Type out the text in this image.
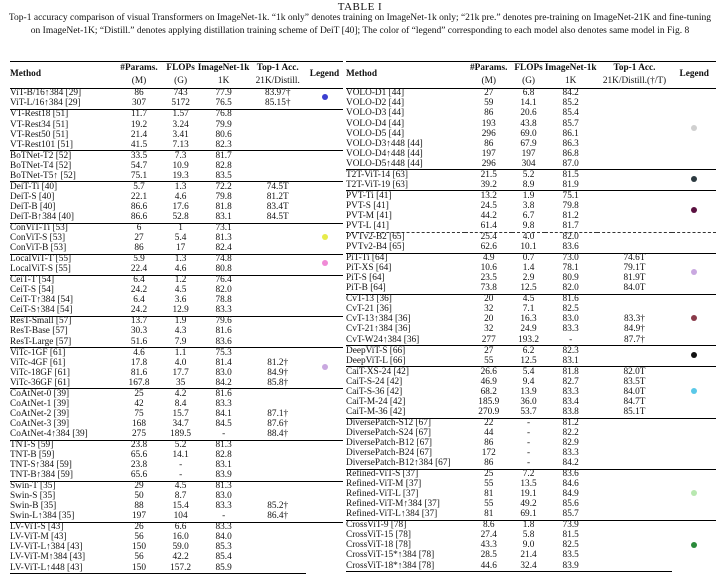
TABLE I
Top-1 accuracy comparison of visual Transformers on ImageNet-1k. “1k only” denotes training on ImageNet-1k only; “21k pre.” denotes pre-training on ImageNet-21K and fine-tuning on ImageNet-1K; “Distill.” denotes applying distillation training scheme of DeiT [40]; The color of “legend” corresponding to each model also denotes same model in Fig. 8
Method	#Params.	FLOPs	ImageNet-1k	Top-1 Acc.	Legend
	(M)	(G)	1K	21K/Distill.	
ViT-B/16↑384 [29]	86	743	77.9	83.97†	
ViT-L/16↑384 [29]	307	5172	76.5	85.15†	
VT-Rest18 [51]	11.7	1.57	76.8		
VT-Rest34 [51]	19.2	3.24	79.9		
VT-Rest50 [51]	21.4	3.41	80.6		
VT-Rest101 [51]	41.5	7.13	82.3		
BoTNet-T2 [52]	33.5	7.3	81.7		
BoTNet-T4 [52]	54.7	10.9	82.8		
BoTNet-T5↑ [52]	75.1	19.3	83.5		
DeiT-Ti [40]	5.7	1.3	72.2	74.5T	
DeiT-S [40]	22.1	4.6	79.8	81.2T	
DeiT-B [40]	86.6	17.6	81.8	83.4T	
DeiT-B↑384 [40]	86.6	52.8	83.1	84.5T	
ConViT-Ti [53]	6	1	73.1		
ConViT-S [53]	27	5.4	81.3		
ConViT-B [53]	86	17	82.4		
LocalViT-T [55]	5.9	1.3	74.8		
LocalViT-S [55]	22.4	4.6	80.8		
CeiT-T [54]	6.4	1.2	76.4		
CeiT-S [54]	24.2	4.5	82.0		
CeiT-T↑384 [54]	6.4	3.6	78.8		
CeiT-S↑384 [54]	24.2	12.9	83.3		
ResT-Small [57]	13.7	1.9	79.6		
ResT-Base [57]	30.3	4.3	81.6		
ResT-Large [57]	51.6	7.9	83.6		
ViTc-1GF [61]	4.6	1.1	75.3		
ViTc-4GF [61]	17.8	4.0	81.4	81.2†	
ViTc-18GF [61]	81.6	17.7	83.0	84.9†	
ViTc-36GF [61]	167.8	35	84.2	85.8†	
CoAtNet-0 [39]	25	4.2	81.6		
CoAtNet-1 [39]	42	8.4	83.3		
CoAtNet-2 [39]	75	15.7	84.1	87.1†	
CoAtNet-3 [39]	168	34.7	84.5	87.6†	
CoAtNet-4↑384 [39]	275	189.5	-	88.4†	
TNT-S [59]	23.8	5.2	81.3		
TNT-B [59]	65.6	14.1	82.8		
TNT-S↑384 [59]	23.8	-	83.1		
TNT-B↑384 [59]	65.6	-	83.9		
Swin-T [35]	29	4.5	81.3		
Swin-S [35]	50	8.7	83.0		
Swin-B [35]	88	15.4	83.3	85.2†	
Swin-L↑384 [35]	197	104	-	86.4†	
LV-ViT-S [43]	26	6.6	83.3		
LV-ViT-M [43]	56	16.0	84.0		
LV-ViT-L↑384 [43]	150	59.0	85.3		
LV-ViT-M↑384 [43]	56	42.2	85.4		
LV-ViT-L↑448 [43]	150	157.2	85.9		
Method	#Params.	FLOPs	ImageNet-1k	Top-1 Acc.	Legend
	(M)	(G)	1K	21K/Distill.(†/T)	
VOLO-D1 [44]	27	6.8	84.2		
VOLO-D2 [44]	59	14.1	85.2		
VOLO-D3 [44]	86	20.6	85.4		
VOLO-D4 [44]	193	43.8	85.7		
VOLO-D5 [44]	296	69.0	86.1		
VOLO-D3↑448 [44]	86	67.9	86.3		
VOLO-D4↑448 [44]	197	197	86.8		
VOLO-D5↑448 [44]	296	304	87.0		
T2T-ViT-14 [63]	21.5	5.2	81.5		
T2T-ViT-19 [63]	39.2	8.9	81.9		
PVT-Ti [41]	13.2	1.9	75.1		
PVT-S [41]	24.5	3.8	79.8		
PVT-M [41]	44.2	6.7	81.2		
PVT-L [41]	61.4	9.8	81.7		
PVTv2-B2 [65]	25.4	4.0	82.0		
PVTv2-B4 [65]	62.6	10.1	83.6		
PiT-Ti [64]	4.9	0.7	73.0	74.6T	
PiT-XS [64]	10.6	1.4	78.1	79.1T	
PiT-S [64]	23.5	2.9	80.9	81.9T	
PiT-B [64]	73.8	12.5	82.0	84.0T	
CvT-13 [36]	20	4.5	81.6		
CvT-21 [36]	32	7.1	82.5		
CvT-13↑384 [36]	20	16.3	83.0	83.3†	
CvT-21↑384 [36]	32	24.9	83.3	84.9†	
CvT-W24↑384 [36]	277	193.2	-	87.7†	
DeepViT-S [66]	27	6.2	82.3		
DeepViT-L [66]	55	12.5	83.1		
CaiT-XS-24 [42]	26.6	5.4	81.8	82.0T	
CaiT-S-24 [42]	46.9	9.4	82.7	83.5T	
CaiT-S-36 [42]	68.2	13.9	83.3	84.0T	
CaiT-M-24 [42]	185.9	36.0	83.4	84.7T	
CaiT-M-36 [42]	270.9	53.7	83.8	85.1T	
DiversePatch-S12 [67]	22	-	81.2		
DiversePatch-S24 [67]	44	-	82.2		
DiversePatch-B12 [67]	86	-	82.9		
DiversePatch-B24 [67]	172	-	83.3		
DiversePatch-B12↑384 [67]	86	-	84.2		
Refined-ViT-S [37]	25	7.2	83.6		
Refined-ViT-M [37]	55	13.5	84.6		
Refined-ViT-L [37]	81	19.1	84.9		
Refined-ViT-M↑384 [37]	55	49.2	85.6		
Refined-ViT-L↑384 [37]	81	69.1	85.7		
CrossViT-9 [78]	8.6	1.8	73.9		
CrossViT-15 [78]	27.4	5.8	81.5		
CrossViT-18 [78]	43.3	9.0	82.5		
CrossViT-15*↑384 [78]	28.5	21.4	83.5		
CrossViT-18*↑384 [78]	44.6	32.4	83.9		
